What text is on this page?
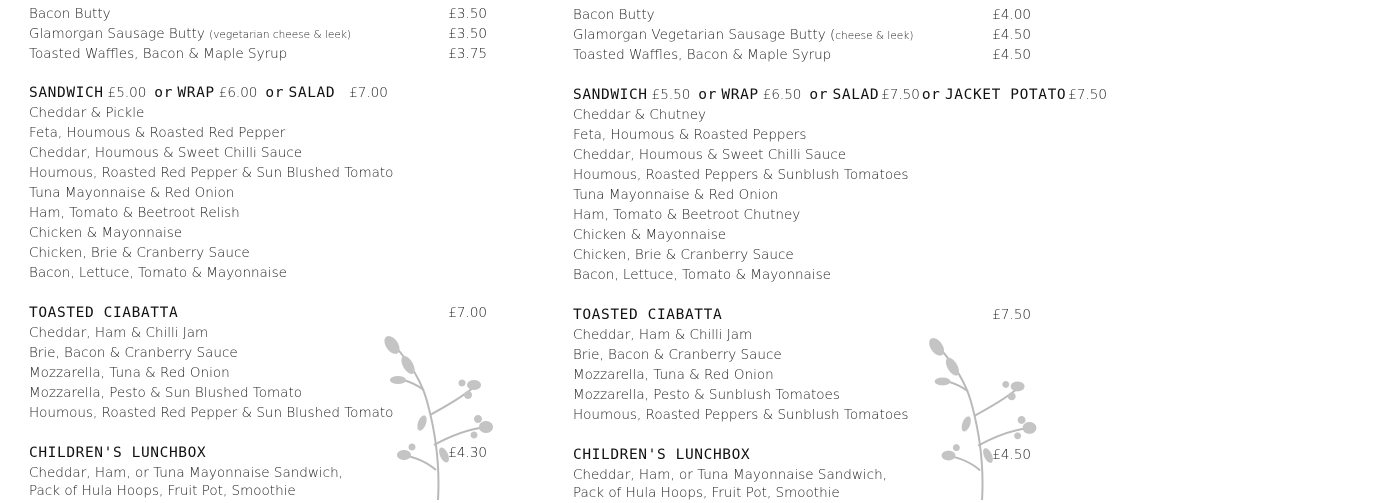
Bacon Butty	£3.50
Glamorgan Sausage Butty (vegetarian cheese & leek)	£3.50
Toasted Waffles, Bacon & Maple Syrup	£3.75
SANDWICH £5.00 or WRAP £6.00 or SALAD £7.00
Cheddar & Pickle
Feta, Houmous & Roasted Red Pepper
Cheddar, Houmous & Sweet Chilli Sauce
Houmous, Roasted Red Pepper & Sun Blushed Tomato
Tuna Mayonnaise & Red Onion
Ham, Tomato & Beetroot Relish
Chicken & Mayonnaise
Chicken, Brie & Cranberry Sauce
Bacon, Lettuce, Tomato & Mayonnaise
TOASTED CIABATTA	£7.00
Cheddar, Ham & Chilli Jam
Brie, Bacon & Cranberry Sauce
Mozzarella, Tuna & Red Onion
Mozzarella, Pesto & Sun Blushed Tomato
Houmous, Roasted Red Pepper & Sun Blushed Tomato
CHILDREN'S LUNCHBOX	£4.30
Cheddar, Ham, or Tuna Mayonnaise Sandwich,
Pack of Hula Hoops, Fruit Pot, Smoothie
Bacon Butty	£4.00
Glamorgan Vegetarian Sausage Butty (cheese & leek)	£4.50
Toasted Waffles, Bacon & Maple Syrup	£4.50
SANDWICH £5.50 or WRAP £6.50 or SALAD £7.50 or JACKET POTATO £7.50
Cheddar & Chutney
Feta, Houmous & Roasted Peppers
Cheddar, Houmous & Sweet Chilli Sauce
Houmous, Roasted Peppers & Sunblush Tomatoes
Tuna Mayonnaise & Red Onion
Ham, Tomato & Beetroot Chutney
Chicken & Mayonnaise
Chicken, Brie & Cranberry Sauce
Bacon, Lettuce, Tomato & Mayonnaise
TOASTED CIABATTA	£7.50
Cheddar, Ham & Chilli Jam
Brie, Bacon & Cranberry Sauce
Mozzarella, Tuna & Red Onion
Mozzarella, Pesto & Sunblush Tomatoes
Houmous, Roasted Peppers & Sunblush Tomatoes
CHILDREN'S LUNCHBOX	£4.50
Cheddar, Ham, or Tuna Mayonnaise Sandwich,
Pack of Hula Hoops, Fruit Pot, Smoothie
